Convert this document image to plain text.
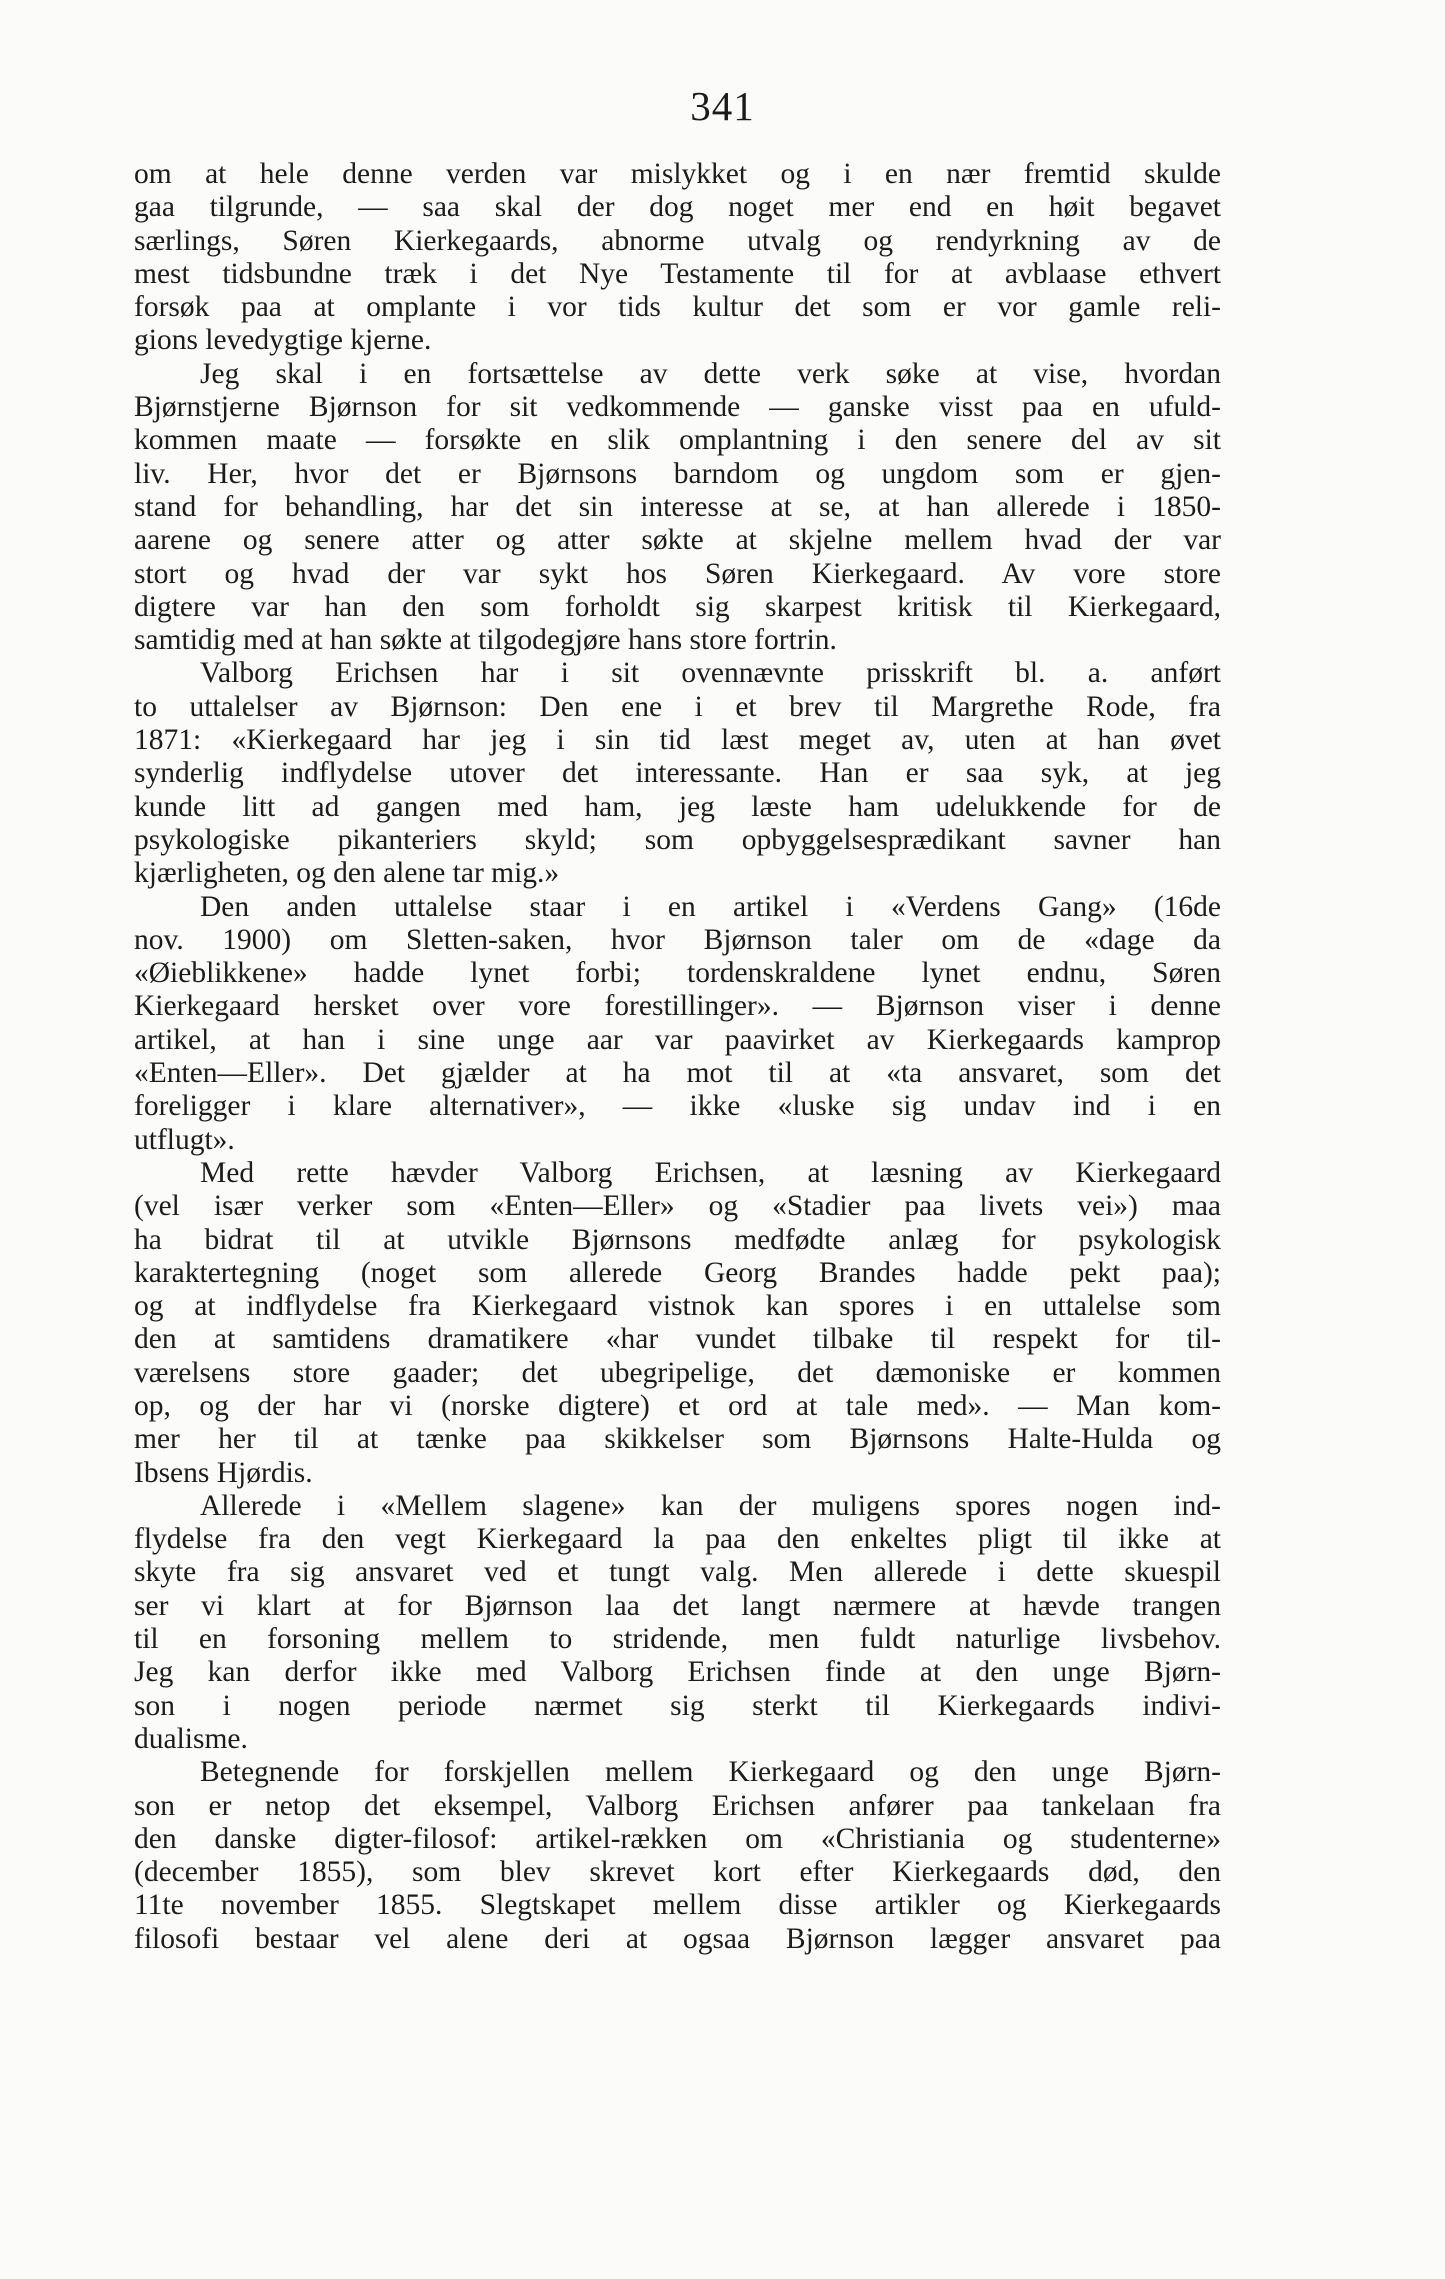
341
om at hele denne verden var mislykket og i en nær fremtid skulde
gaa tilgrunde, — saa skal der dog noget mer end en høit begavet
særlings, Søren Kierkegaards, abnorme utvalg og rendyrkning av de
mest tidsbundne træk i det Nye Testamente til for at avblaase ethvert
forsøk paa at omplante i vor tids kultur det som er vor gamle reli-
gions levedygtige kjerne.
Jeg skal i en fortsættelse av dette verk søke at vise, hvordan
Bjørnstjerne Bjørnson for sit vedkommende — ganske visst paa en ufuld-
kommen maate — forsøkte en slik omplantning i den senere del av sit
liv. Her, hvor det er Bjørnsons barndom og ungdom som er gjen-
stand for behandling, har det sin interesse at se, at han allerede i 1850-
aarene og senere atter og atter søkte at skjelne mellem hvad der var
stort og hvad der var sykt hos Søren Kierkegaard. Av vore store
digtere var han den som forholdt sig skarpest kritisk til Kierkegaard,
samtidig med at han søkte at tilgodegjøre hans store fortrin.
Valborg Erichsen har i sit ovennævnte prisskrift bl. a. anført
to uttalelser av Bjørnson: Den ene i et brev til Margrethe Rode, fra
1871: «Kierkegaard har jeg i sin tid læst meget av, uten at han øvet
synderlig indflydelse utover det interessante. Han er saa syk, at jeg
kunde litt ad gangen med ham, jeg læste ham udelukkende for de
psykologiske pikanteriers skyld; som opbyggelsesprædikant savner han
kjærligheten, og den alene tar mig.»
Den anden uttalelse staar i en artikel i «Verdens Gang» (16de
nov. 1900) om Sletten-saken, hvor Bjørnson taler om de «dage da
«Øieblikkene» hadde lynet forbi; tordenskraldene lynet endnu, Søren
Kierkegaard hersket over vore forestillinger». — Bjørnson viser i denne
artikel, at han i sine unge aar var paavirket av Kierkegaards kamprop
«Enten—Eller». Det gjælder at ha mot til at «ta ansvaret, som det
foreligger i klare alternativer», — ikke «luske sig undav ind i en
utflugt».
Med rette hævder Valborg Erichsen, at læsning av Kierkegaard
(vel især verker som «Enten—Eller» og «Stadier paa livets vei») maa
ha bidrat til at utvikle Bjørnsons medfødte anlæg for psykologisk
karaktertegning (noget som allerede Georg Brandes hadde pekt paa);
og at indflydelse fra Kierkegaard vistnok kan spores i en uttalelse som
den at samtidens dramatikere «har vundet tilbake til respekt for til-
værelsens store gaader; det ubegripelige, det dæmoniske er kommen
op, og der har vi (norske digtere) et ord at tale med». — Man kom-
mer her til at tænke paa skikkelser som Bjørnsons Halte-Hulda og
Ibsens Hjørdis.
Allerede i «Mellem slagene» kan der muligens spores nogen ind-
flydelse fra den vegt Kierkegaard la paa den enkeltes pligt til ikke at
skyte fra sig ansvaret ved et tungt valg. Men allerede i dette skuespil
ser vi klart at for Bjørnson laa det langt nærmere at hævde trangen
til en forsoning mellem to stridende, men fuldt naturlige livsbehov.
Jeg kan derfor ikke med Valborg Erichsen finde at den unge Bjørn-
son i nogen periode nærmet sig sterkt til Kierkegaards indivi-
dualisme.
Betegnende for forskjellen mellem Kierkegaard og den unge Bjørn-
son er netop det eksempel, Valborg Erichsen anfører paa tankelaan fra
den danske digter-filosof: artikel-rækken om «Christiania og studenterne»
(december 1855), som blev skrevet kort efter Kierkegaards død, den
11te november 1855. Slegtskapet mellem disse artikler og Kierkegaards
filosofi bestaar vel alene deri at ogsaa Bjørnson lægger ansvaret paa
